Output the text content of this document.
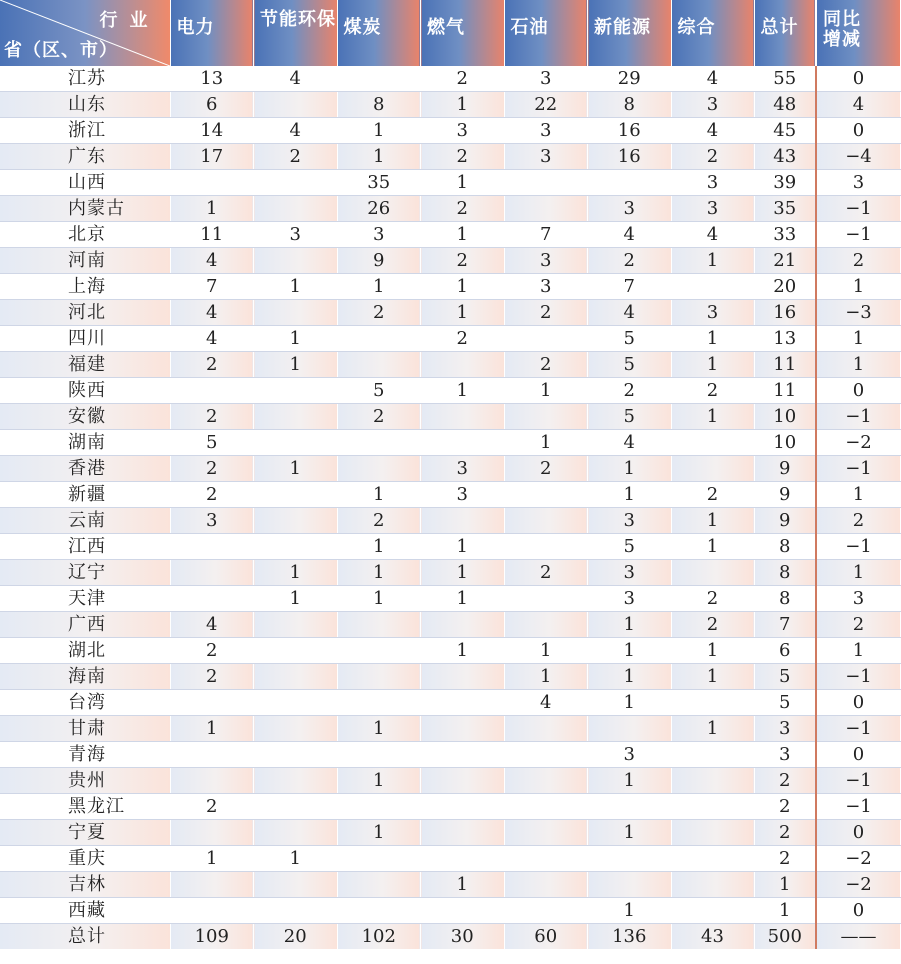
行业
省（区、市）	电力	节能环保	煤炭	燃气	石油	新能源	综合	总计	同比增减

江苏	13	4		2	3	29	4	55	0
山东	6		8	1	22	8	3	48	4
浙江	14	4	1	3	3	16	4	45	0
广东	17	2	1	2	3	16	2	43	−4
山西			35	1			3	39	3
内蒙古	1		26	2		3	3	35	−1
北京	11	3	3	1	7	4	4	33	−1
河南	4		9	2	3	2	1	21	2
上海	7	1	1	1	3	7		20	1
河北	4		2	1	2	4	3	16	−3
四川	4	1		2		5	1	13	1
福建	2	1			2	5	1	11	1
陕西			5	1	1	2	2	11	0
安徽	2		2			5	1	10	−1
湖南	5				1	4		10	−2
香港	2	1		3	2	1		9	−1
新疆	2		1	3		1	2	9	1
云南	3		2			3	1	9	2
江西			1	1		5	1	8	−1
辽宁		1	1	1	2	3		8	1
天津		1	1	1		3	2	8	3
广西	4					1	2	7	2
湖北	2			1	1	1	1	6	1
海南	2				1	1	1	5	−1
台湾					4	1		5	0
甘肃	1		1				1	3	−1
青海						3		3	0
贵州			1			1		2	−1
黑龙江	2							2	−1
宁夏			1			1		2	0
重庆	1	1						2	−2
吉林				1				1	−2
西藏						1		1	0
总计	109	20	102	30	60	136	43	500	——
